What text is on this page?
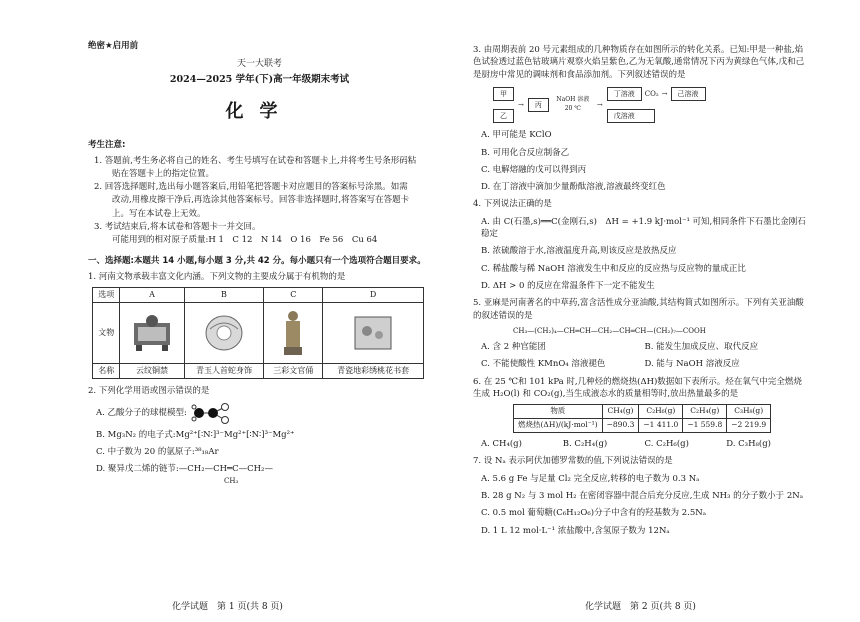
绝密★启用前
天一大联考
2024—2025 学年(下)高一年级期末考试
化学
考生注意:

1. 答题前,考生务必将自己的姓名、考生号填写在试卷和答题卡上,并将考生号条形码粘

贴在答题卡上的指定位置。

2. 回答选择题时,选出每小题答案后,用铅笔把答题卡对应题目的答案标号涂黑。如需

改动,用橡皮擦干净后,再选涂其他答案标号。回答非选择题时,将答案写在答题卡

上。写在本试卷上无效。

3. 考试结束后,将本试卷和答题卡一并交回。

可能用到的相对原子质量:H 1　C 12　N 14　O 16　Fe 56　Cu 64

一、选择题:本题共 14 小题,每小题 3 分,共 42 分。每小题只有一个选项符合题目要求。
1. 河南文物承载丰富文化内涵。下列文物的主要成分属于有机物的是
选项	A	B	C	D
文物	

名称	云纹铜禁	青玉人首蛇身饰	三彩文官俑	青瓷地彩绣桃花书套
2. 下列化学用语或图示错误的是
A. 乙酸分子的球棍模型:
B. Mg₃N₂ 的电子式:Mg²⁺[∶N∶]³⁻Mg²⁺[∶N∶]³⁻Mg²⁺
C. 中子数为 20 的氩原子:³⁸₁₈Ar
D. 聚异戊二烯的链节:—CH₂—CH═C—CH₂—
CH₃
化学试题　第 1 页(共 8 页)
3. 由周期表前 20 号元素组成的几种物质存在如图所示的转化关系。已知:甲是一种盐,焰色试验透过蓝色钴玻璃片观察火焰呈紫色,乙为无氧酸,通常情况下丙为黄绿色气体,戊和己是厨房中常见的调味剂和食品添加剂。下列叙述错误的是
甲
乙
→	丙
NaOH 溶液 20 ℃	→
丁溶液	CO₂ →	己溶液
戊溶液
A. 甲可能是 KClO
B. 可用化合反应制备乙
C. 电解熔融的戊可以得到丙
D. 在丁溶液中滴加少量酚酞溶液,溶液最终变红色
4. 下列说法正确的是
A. 由 C(石墨,s)══C(金刚石,s)　ΔH = +1.9 kJ·mol⁻¹ 可知,相同条件下石墨比金刚石稳定
B. 浓硫酸溶于水,溶液温度升高,则该反应是放热反应
C. 稀盐酸与稀 NaOH 溶液发生中和反应的反应热与反应物的量成正比
D. ΔH > 0 的反应在常温条件下一定不能发生
5. 亚麻是河南著名的中草药,富含活性成分亚油酸,其结构简式如图所示。下列有关亚油酸的叙述错误的是
CH₃—(CH₂)₄—CH═CH—CH₂—CH═CH—(CH₂)₇—COOH
A. 含 2 种官能团	B. 能发生加成反应、取代反应
C. 不能使酸性 KMnO₄ 溶液褪色	D. 能与 NaOH 溶液反应
6. 在 25 ℃和 101 kPa 时,几种烃的燃烧热(ΔH)数据如下表所示。烃在氧气中完全燃烧生成 H₂O(l) 和 CO₂(g),当生成液态水的质量相等时,放出热量最多的是
物质	CH₄(g)	C₂H₆(g)	C₂H₄(g)	C₃H₈(g)
燃烧热(ΔH)/(kJ·mol⁻¹)	−890.3	−1 411.0	−1 559.8	−2 219.9
A. CH₄(g)	B. C₂H₄(g)	C. C₂H₆(g)	D. C₃H₈(g)
7. 设 Nₐ 表示阿伏加德罗常数的值,下列说法错误的是
A. 5.6 g Fe 与足量 Cl₂ 完全反应,转移的电子数为 0.3 Nₐ
B. 28 g N₂ 与 3 mol H₂ 在密闭容器中混合后充分反应,生成 NH₃ 的分子数小于 2Nₐ
C. 0.5 mol 葡萄糖(C₆H₁₂O₆)分子中含有的羟基数为 2.5Nₐ
D. 1 L 12 mol·L⁻¹ 浓盐酸中,含氢原子数为 12Nₐ
化学试题　第 2 页(共 8 页)
